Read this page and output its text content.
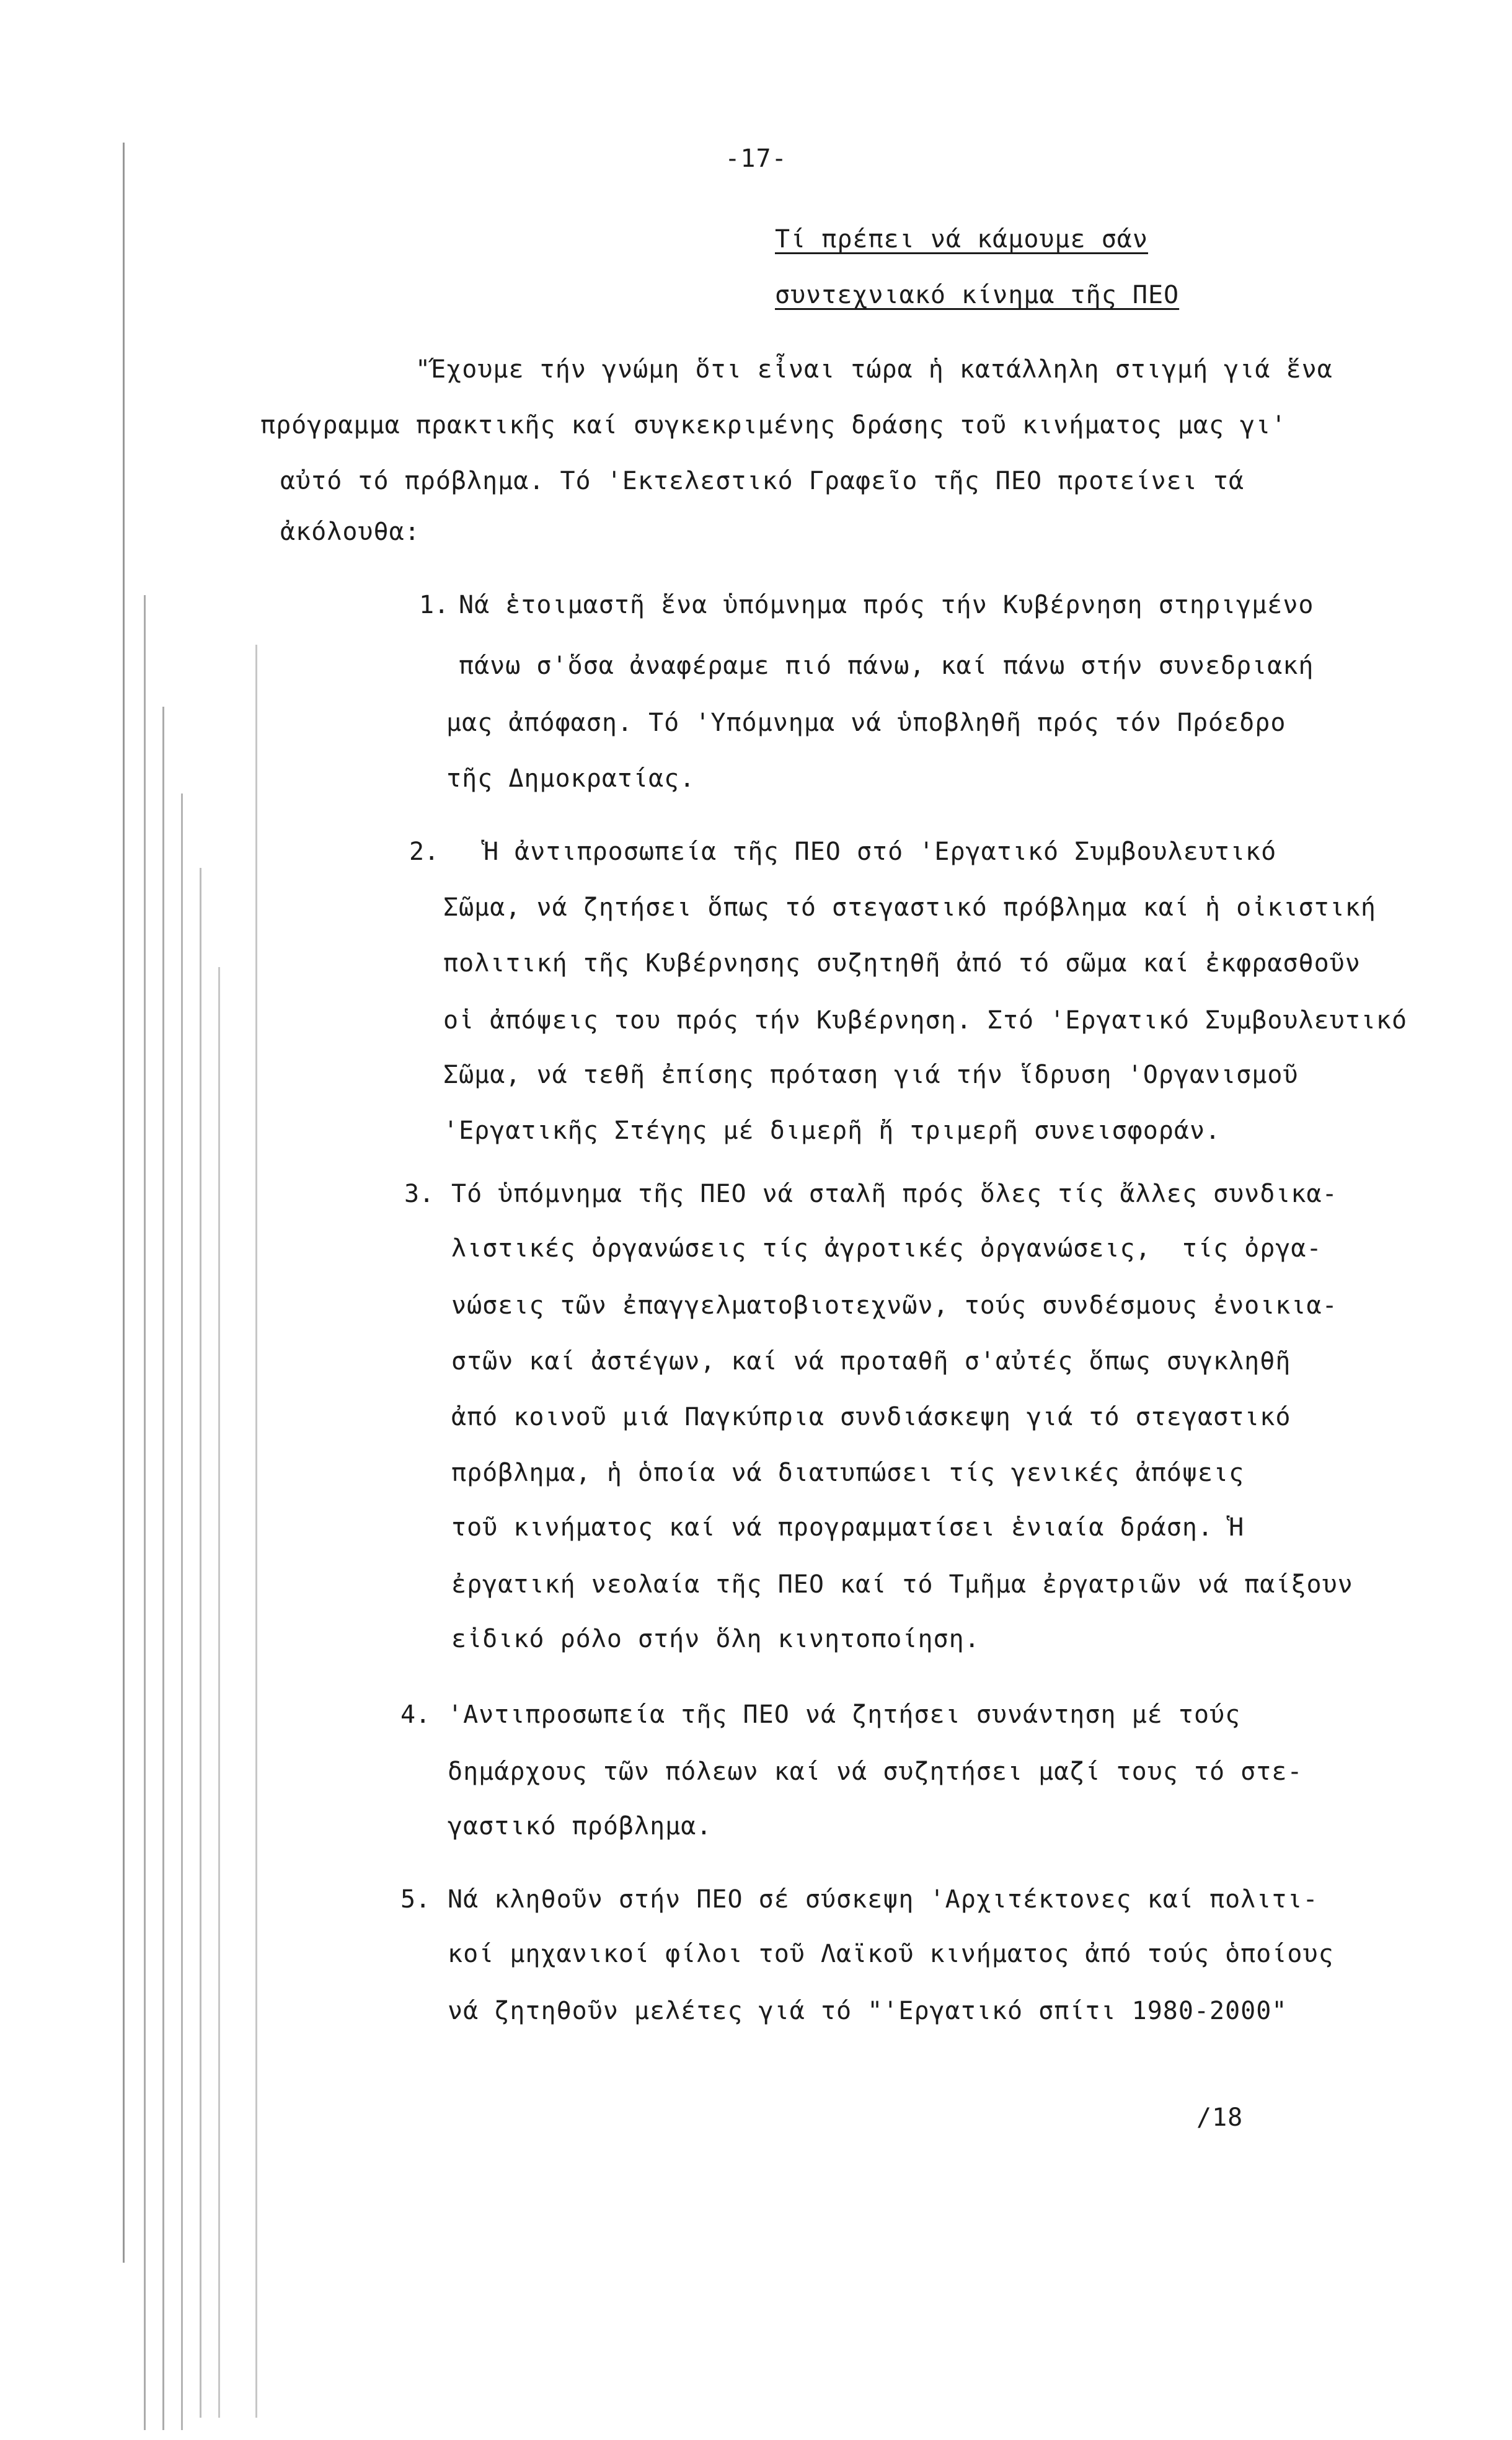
-17-
Τί πρέπει νά κάμουμε σάν
συντεχνιακό κίνημα τῆς ΠΕΟ
"Έχουμε τήν γνώμη ὅτι εἶναι τώρα ἡ κατάλληλη στιγμή γιά ἕνα
πρόγραμμα πρακτικῆς καί συγκεκριμένης δράσης τοῦ κινήματος μας γι'
αὐτό τό πρόβλημα. Τό 'Εκτελεστικό Γραφεῖο τῆς ΠΕΟ προτείνει τά
ἀκόλουθα:
1. Νά ἑτοιμαστῆ ἕνα ὑπόμνημα πρός τήν Κυβέρνηση στηριγμένο
πάνω σ'ὅσα ἀναφέραμε πιό πάνω, καί πάνω στήν συνεδριακή
μας ἀπόφαση. Τό 'Υπόμνημα νά ὑποβληθῆ πρός τόν Πρόεδρο
τῆς Δημοκρατίας.
2. Ἡ ἀντιπροσωπεία τῆς ΠΕΟ στό 'Εργατικό Συμβουλευτικό
Σῶμα, νά ζητήσει ὅπως τό στεγαστικό πρόβλημα καί ἡ οἰκιστική
πολιτική τῆς Κυβέρνησης συζητηθῆ ἀπό τό σῶμα καί ἐκφρασθοῦν
οἱ ἀπόψεις του πρός τήν Κυβέρνηση. Στό 'Εργατικό Συμβουλευτικό
Σῶμα, νά τεθῆ ἐπίσης πρόταση γιά τήν ἵδρυση 'Οργανισμοῦ
'Εργατικῆς Στέγης μέ διμερῆ ἤ τριμερῆ συνεισφοράν.
3. Τό ὑπόμνημα τῆς ΠΕΟ νά σταλῆ πρός ὅλες τίς ἄλλες συνδικα-
λιστικές ὀργανώσεις τίς ἀγροτικές ὀργανώσεις,  τίς ὀργα-
νώσεις τῶν ἐπαγγελματοβιοτεχνῶν, τούς συνδέσμους ἐνοικια-
στῶν καί ἀστέγων, καί νά προταθῆ σ'αὐτές ὅπως συγκληθῆ
ἀπό κοινοῦ μιά Παγκύπρια συνδιάσκεψη γιά τό στεγαστικό
πρόβλημα, ἡ ὁποία νά διατυπώσει τίς γενικές ἀπόψεις
τοῦ κινήματος καί νά προγραμματίσει ἑνιαία δράση. Ἡ
ἐργατική νεολαία τῆς ΠΕΟ καί τό Τμῆμα ἐργατριῶν νά παίξουν
εἰδικό ρόλο στήν ὅλη κινητοποίηση.
4. 'Αντιπροσωπεία τῆς ΠΕΟ νά ζητήσει συνάντηση μέ τούς
δημάρχους τῶν πόλεων καί νά συζητήσει μαζί τους τό στε-
γαστικό πρόβλημα.
5. Νά κληθοῦν στήν ΠΕΟ σέ σύσκεψη 'Αρχιτέκτονες καί πολιτι-
κοί μηχανικοί φίλοι τοῦ Λαϊκοῦ κινήματος ἀπό τούς ὁποίους
νά ζητηθοῦν μελέτες γιά τό "'Εργατικό σπίτι 1980-2000"
/18
